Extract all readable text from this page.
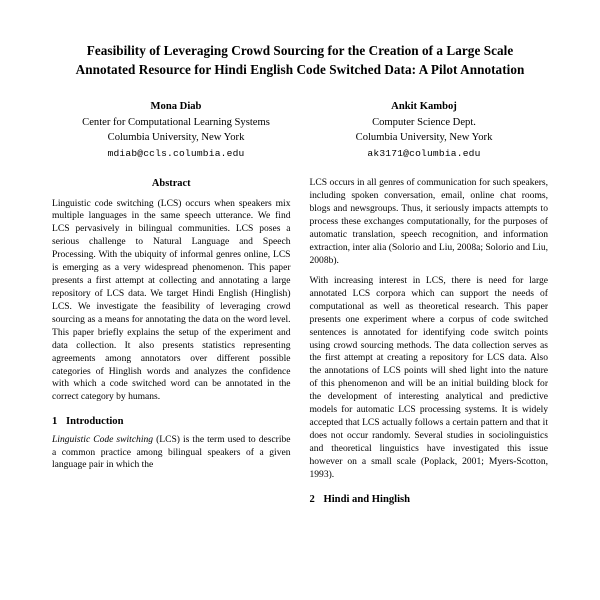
Feasibility of Leveraging Crowd Sourcing for the Creation of a Large Scale Annotated Resource for Hindi English Code Switched Data: A Pilot Annotation
Mona Diab
Center for Computational Learning Systems
Columbia University, New York
mdiab@ccls.columbia.edu
Ankit Kamboj
Computer Science Dept.
Columbia University, New York
ak3171@columbia.edu
Abstract

Linguistic code switching (LCS) occurs when speakers mix multiple languages in the same speech utterance. We find LCS pervasively in bilingual communities. LCS poses a serious challenge to Natural Language and Speech Processing. With the ubiquity of informal genres online, LCS is emerging as a very widespread phenomenon. This paper presents a first attempt at collecting and annotating a large repository of LCS data. We target Hindi English (Hinglish) LCS. We investigate the feasibility of leveraging crowd sourcing as a means for annotating the data on the word level. This paper briefly explains the setup of the experiment and data collection. It also presents statistics representing agreements among annotators over different possible categories of Hinglish words and analyzes the confidence with which a code switched word can be annotated in the correct category by humans.

1 Introduction

Linguistic Code switching (LCS) is the term used to describe a common practice among bilingual speakers of a given language pair in which the

LCS occurs in all genres of communication for such speakers, including spoken conversation, email, online chat rooms, blogs and newsgroups. Thus, it seriously impacts attempts to process these exchanges computationally, for the purposes of automatic translation, speech recognition, and information extraction, inter alia (Solorio and Liu, 2008a; Solorio and Liu, 2008b).

With increasing interest in LCS, there is need for large annotated LCS corpora which can support the needs of computational as well as theoretical research. This paper presents one experiment where a corpus of code switched sentences is annotated for identifying code switch points using crowd sourcing methods. The data collection serves as the first attempt at creating a repository for LCS data. Also the annotations of LCS points will shed light into the nature of this phenomenon and will be an initial building block for the development of interesting analytical and predictive models for automatic LCS processing systems. It is widely accepted that LCS actually follows a certain pattern and that it does not occur randomly. Several studies in sociolinguistics and theoretical linguistics have investigated this issue however on a small scale (Poplack, 2001; Myers-Scotton, 1993).

2 Hindi and Hinglish
